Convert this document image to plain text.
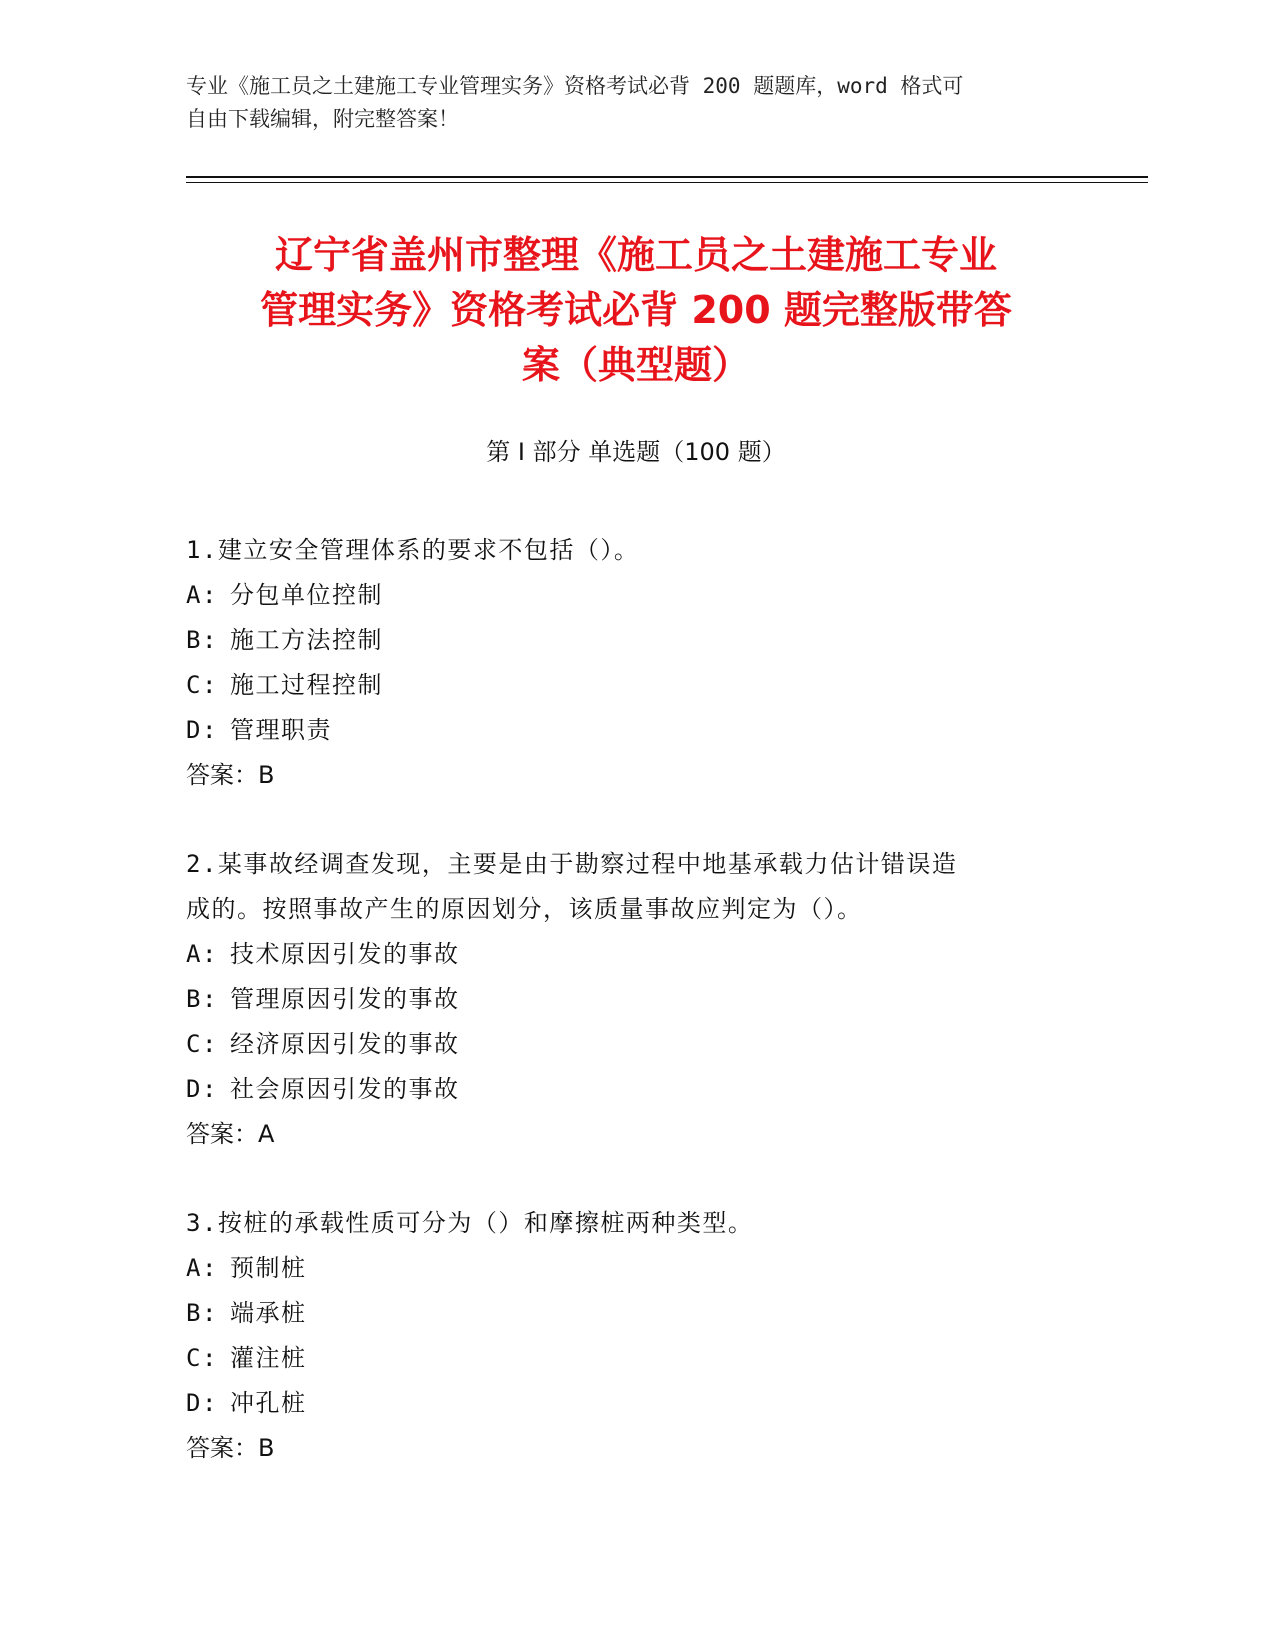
专业《施工员之土建施工专业管理实务》资格考试必背 200 题题库，word 格式可
自由下载编辑，附完整答案！
辽宁省盖州市整理《施工员之土建施工专业
管理实务》资格考试必背 200 题完整版带答
案（典型题）
第 I 部分 单选题（100 题）

1.建立安全管理体系的要求不包括（）。

A: 分包单位控制

B: 施工方法控制

C: 施工过程控制

D: 管理职责

答案：B

2.某事故经调查发现，主要是由于勘察过程中地基承载力估计错误造

成的。按照事故产生的原因划分，该质量事故应判定为（）。

A: 技术原因引发的事故

B: 管理原因引发的事故

C: 经济原因引发的事故

D: 社会原因引发的事故

答案：A

3.按桩的承载性质可分为（）和摩擦桩两种类型。

A: 预制桩

B: 端承桩

C: 灌注桩

D: 冲孔桩

答案：B
